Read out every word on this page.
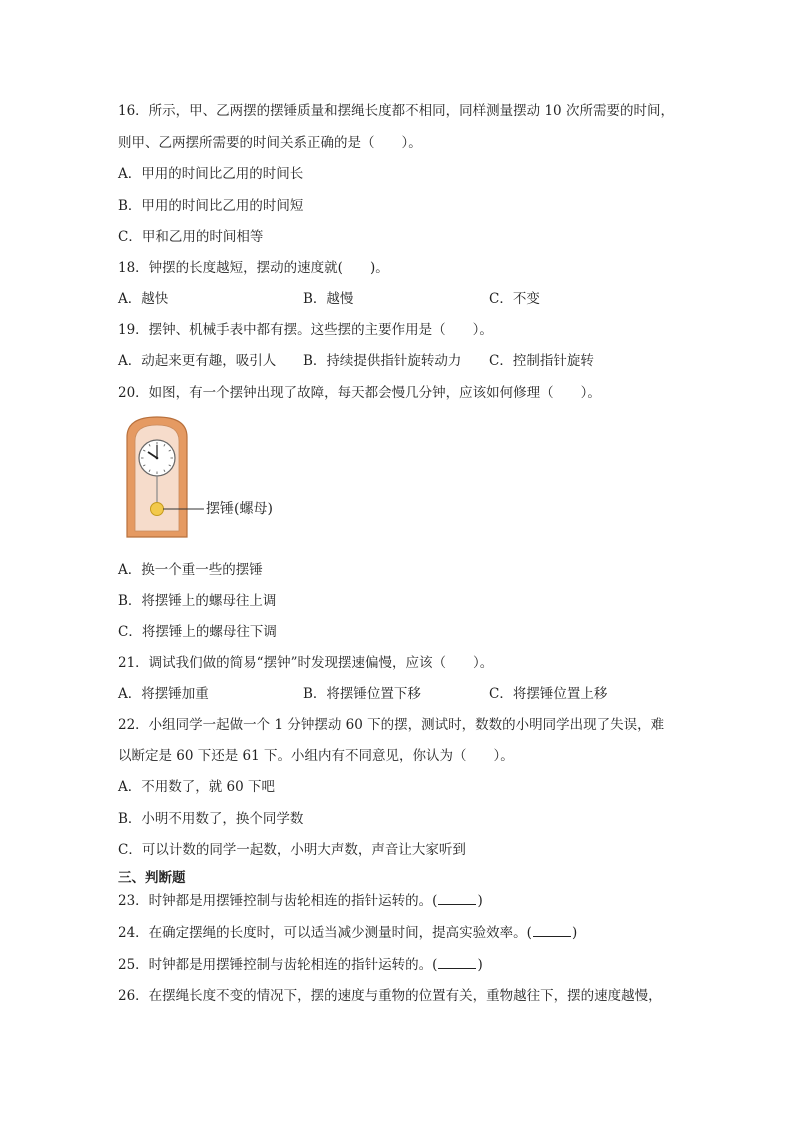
16．所示，甲、乙两摆的摆锤质量和摆绳长度都不相同，同样测量摆动 10 次所需要的时间，
则甲、乙两摆所需要的时间关系正确的是（　　）。
A．甲用的时间比乙用的时间长
B．甲用的时间比乙用的时间短
C．甲和乙用的时间相等
18．钟摆的长度越短，摆动的速度就(　　)。
A．越快	B．越慢	C．不变
19．摆钟、机械手表中都有摆。这些摆的主要作用是（　　）。
A．动起来更有趣，吸引人 B．持续提供指针旋转动力 C．控制指针旋转
20．如图，有一个摆钟出现了故障，每天都会慢几分钟，应该如何修理（　　）。
摆锤(螺母)
A．换一个重一些的摆锤
B．将摆锤上的螺母往上调
C．将摆锤上的螺母往下调
21．调试我们做的简易“摆钟”时发现摆速偏慢，应该（　　）。
A．将摆锤加重	B．将摆锤位置下移	C．将摆锤位置上移
22．小组同学一起做一个 1 分钟摆动 60 下的摆，测试时，数数的小明同学出现了失误，难
以断定是 60 下还是 61 下。小组内有不同意见，你认为（　　）。
A．不用数了，就 60 下吧
B．小明不用数了，换个同学数
C．可以计数的同学一起数，小明大声数，声音让大家听到
三、判断题
23．时钟都是用摆锤控制与齿轮相连的指针运转的。(	)
24．在确定摆绳的长度时，可以适当减少测量时间，提高实验效率。(	)
25．时钟都是用摆锤控制与齿轮相连的指针运转的。(	)
26．在摆绳长度不变的情况下，摆的速度与重物的位置有关，重物越往下，摆的速度越慢，
